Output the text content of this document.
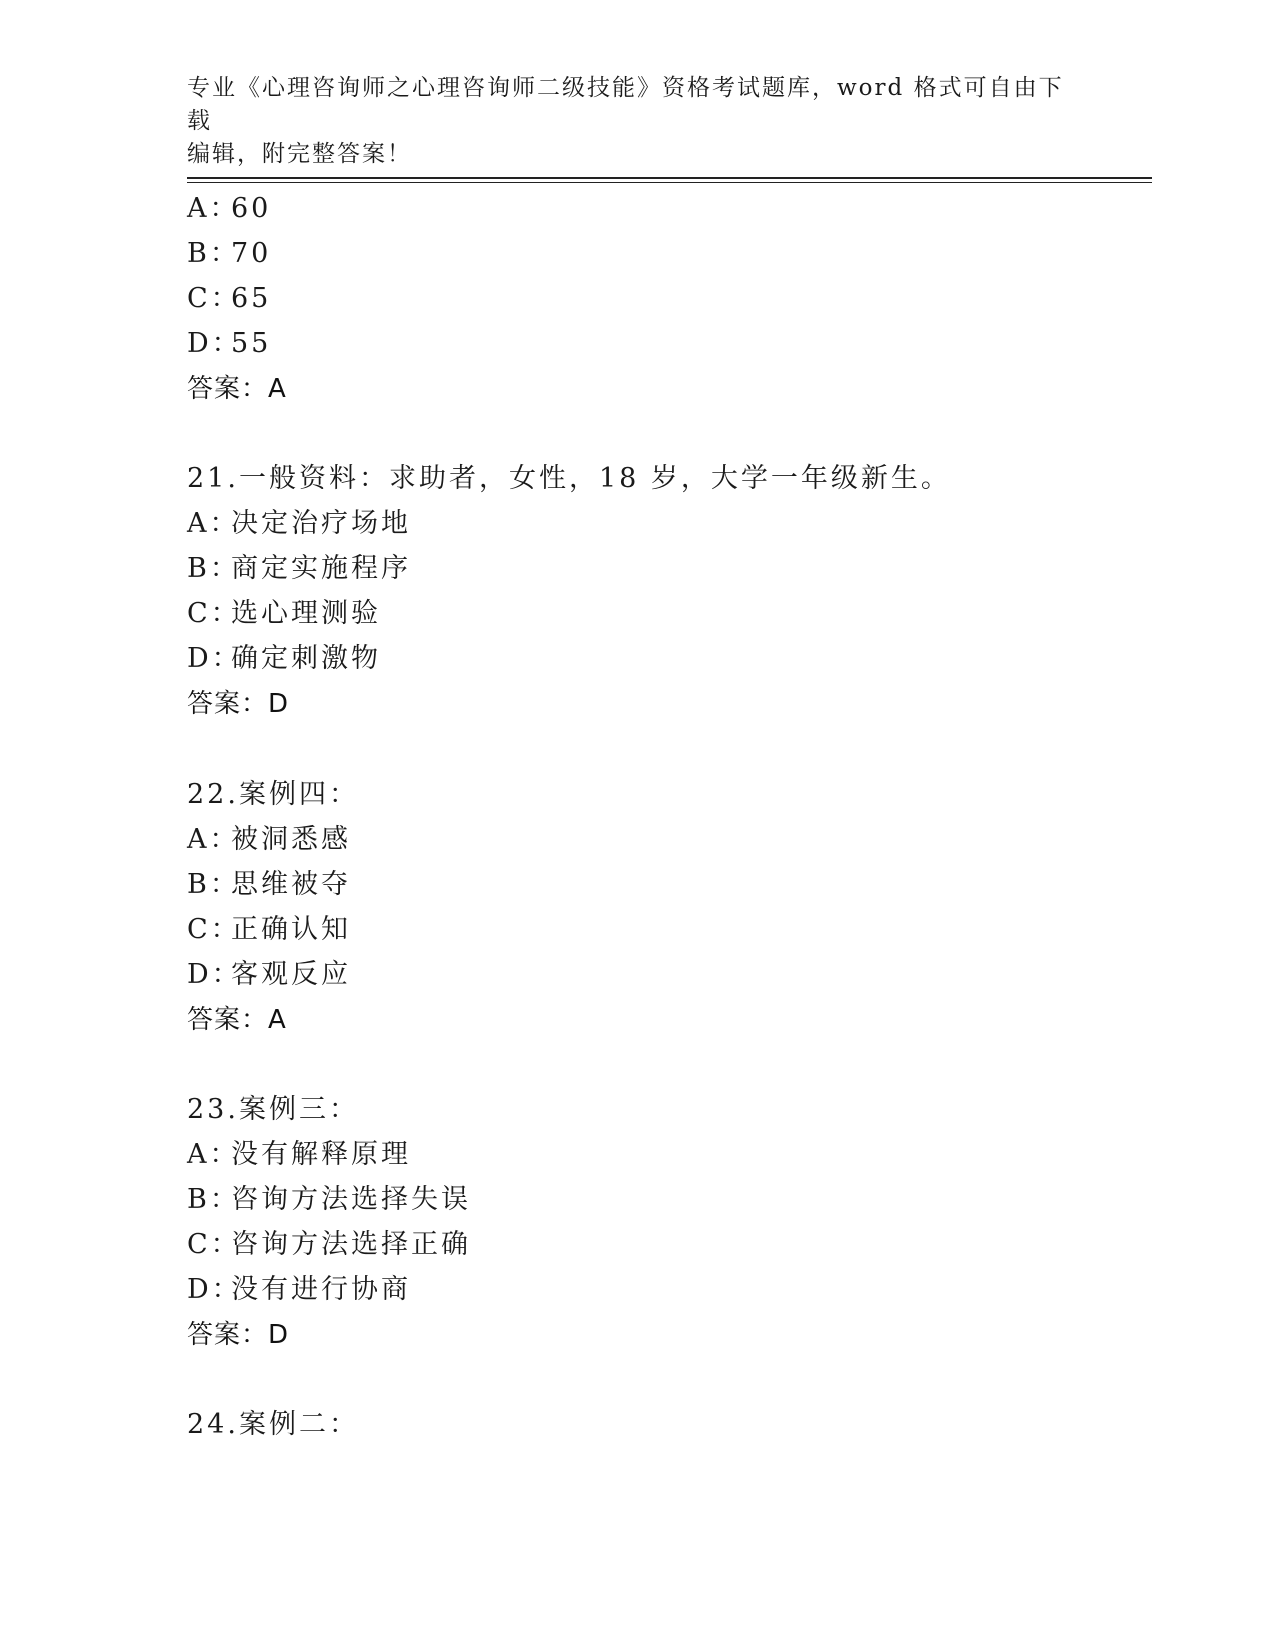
专业《心理咨询师之心理咨询师二级技能》资格考试题库，word 格式可自由下载
编辑，附完整答案！
A：60
B：70
C：65
D：55
答案：A
21.一般资料：求助者，女性，18 岁，大学一年级新生。
A：决定治疗场地
B：商定实施程序
C：选心理测验
D：确定刺激物
答案：D
22.案例四：
A：被洞悉感
B：思维被夺
C：正确认知
D：客观反应
答案：A
23.案例三：
A：没有解释原理
B：咨询方法选择失误
C：咨询方法选择正确
D：没有进行协商
答案：D
24.案例二：
